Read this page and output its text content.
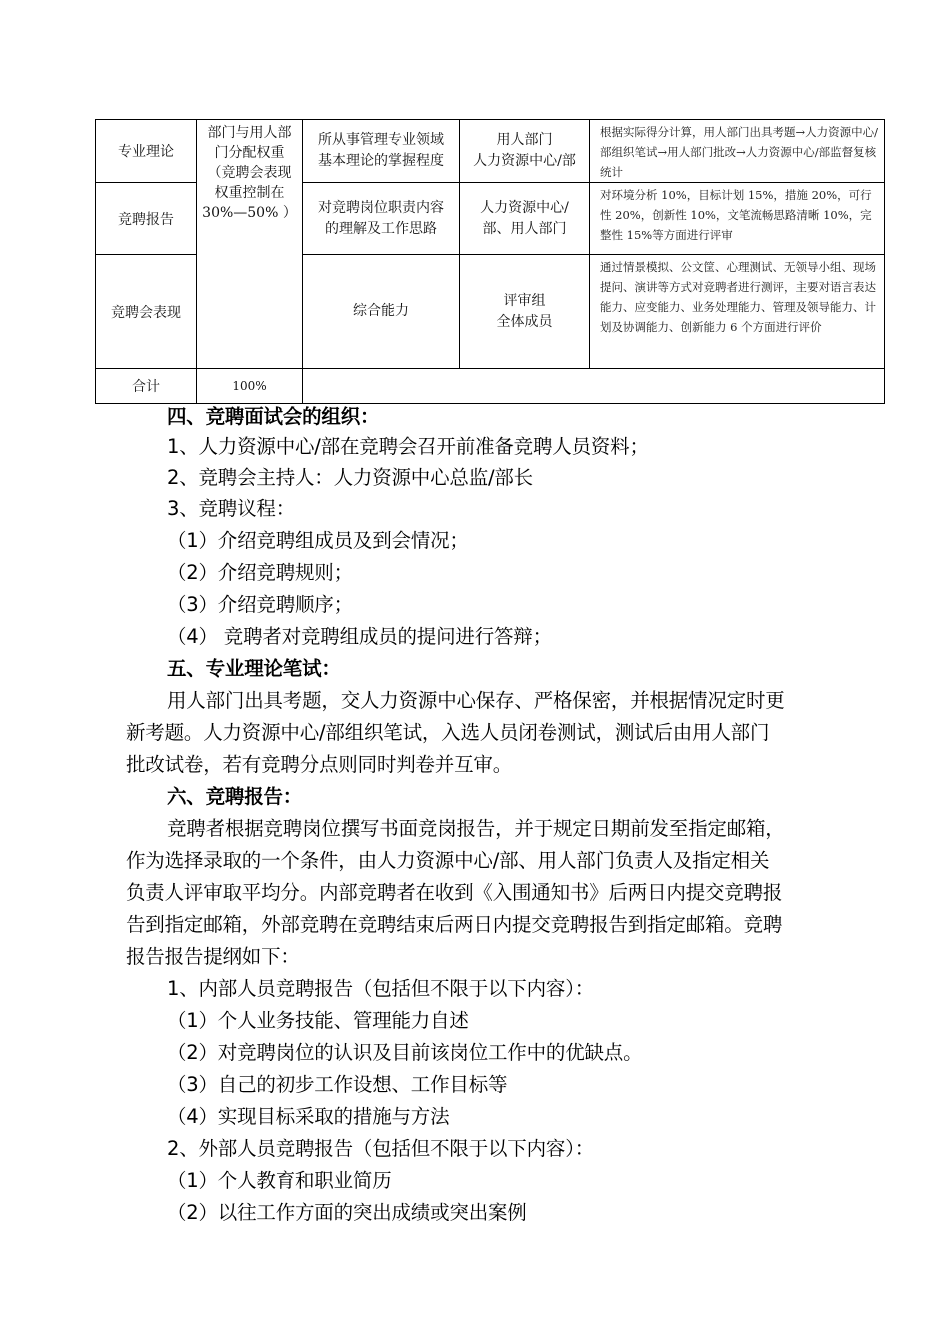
专业理论	部门与用人部
门分配权重
（竞聘会表现
权重控制在
30%—50% ）	所从事管理专业领域
基本理论的掌握程度	用人部门
人力资源中心/部	根据实际得分计算，用人部门出具考题→人力资源中心/部组织笔试→用人部门批改→人力资源中心/部监督复核统计
竞聘报告		对竞聘岗位职责内容
的理解及工作思路	人力资源中心/
部、用人部门	对环境分析 10%，目标计划 15%，措施 20%，可行性 20%，创新性 10%，文笔流畅思路清晰 10%，完整性 15%等方面进行评审
竞聘会表现		综合能力	评审组
全体成员	通过情景模拟、公文筐、心理测试、无领导小组、现场提问、演讲等方式对竞聘者进行测评，主要对语言表达能力、应变能力、业务处理能力、管理及领导能力、计划及协调能力、创新能力 6 个方面进行评价
合计	100%			
四、竞聘面试会的组织：
1、人力资源中心/部在竞聘会召开前准备竞聘人员资料；
2、竞聘会主持人：人力资源中心总监/部长
3、竞聘议程：
（1）介绍竞聘组成员及到会情况；
（2）介绍竞聘规则；
（3）介绍竞聘顺序；
（4） 竞聘者对竞聘组成员的提问进行答辩；
五、专业理论笔试：
用人部门出具考题，交人力资源中心保存、严格保密，并根据情况定时更
新考题。人力资源中心/部组织笔试，入选人员闭卷测试，测试后由用人部门
批改试卷，若有竞聘分点则同时判卷并互审。
六、竞聘报告：
竞聘者根据竞聘岗位撰写书面竞岗报告，并于规定日期前发至指定邮箱，
作为选择录取的一个条件，由人力资源中心/部、用人部门负责人及指定相关
负责人评审取平均分。内部竞聘者在收到《入围通知书》后两日内提交竞聘报
告到指定邮箱，外部竞聘在竞聘结束后两日内提交竞聘报告到指定邮箱。竞聘
报告报告提纲如下：
1、内部人员竞聘报告（包括但不限于以下内容）：
（1）个人业务技能、管理能力自述
（2）对竞聘岗位的认识及目前该岗位工作中的优缺点。
（3）自己的初步工作设想、工作目标等
（4）实现目标采取的措施与方法
2、外部人员竞聘报告（包括但不限于以下内容）：
（1）个人教育和职业简历
（2）以往工作方面的突出成绩或突出案例
